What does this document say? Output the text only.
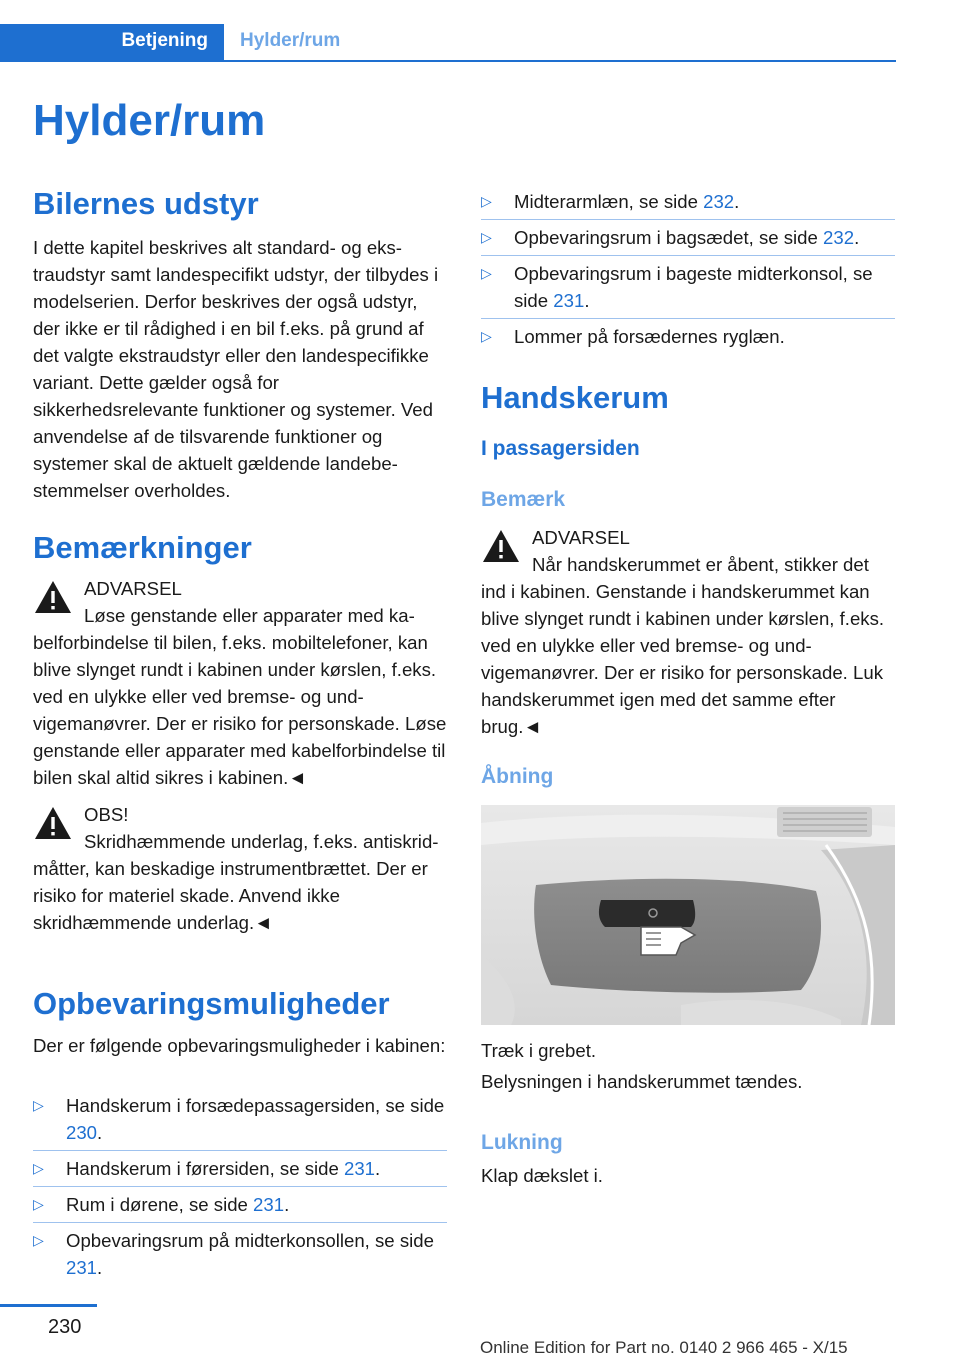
Betjening Hylder/rum
Hylder/rum
Bilernes udstyr

I dette kapitel beskrives alt standard- og ekstraudstyr samt landespecifikt udstyr, der tilbydes i modelserien. Derfor beskrives der også udstyr, der ikke er til rådighed i en bil f.eks. på grund af det valgte ekstraudstyr eller den landespecifikke variant. Dette gælder også for sikkerhedsrelevante funktioner og systemer. Ved anvendelse af de tilsvarende funktioner og systemer skal de aktuelt gældende landebestemmelser overholdes.

Bemærkninger
ADVARSEL
Løse genstande eller apparater med kabelforbindelse til bilen, f.eks. mobiltelefoner, kan blive slynget rundt i kabinen under kørslen, f.eks. ved en ulykke eller ved bremse- og undvigemanøvrer. Der er risiko for personskade. Løse genstande eller apparater med kabelforbindelse til bilen skal altid sikres i kabinen.◄
OBS!
Skridhæmmende underlag, f.eks. antiskrid-måtter, kan beskadige instrumentbrættet. Der er risiko for materiel skade. Anvend ikke skridhæmmende underlag.◄
Opbevaringsmuligheder

Der er følgende opbevaringsmuligheder i kabinen:

▷ Handskerum i forsædepassagersiden, se side 230.
▷ Handskerum i førersiden, se side 231.
▷ Rum i dørene, se side 231.
▷ Opbevaringsrum på midterkonsollen, se side 231.
▷ Midterarmlæn, se side 232.
▷ Opbevaringsrum i bagsædet, se side 232.
▷ Opbevaringsrum i bageste midterkonsol, se side 231.
▷ Lommer på forsædernes ryglæn.
Handskerum
I passagersiden
Bemærk
ADVARSEL
Når handskerummet er åbent, stikker det ind i kabinen. Genstande i handskerummet kan blive slynget rundt i kabinen under kørslen, f.eks. ved en ulykke eller ved bremse- og undvigemanøvrer. Der er risiko for personskade. Luk handskerummet igen med det samme efter brug.◄
Åbning

Træk i grebet.

Belysningen i handskerummet tændes.

Lukning

Klap dækslet i.

230
Online Edition for Part no. 0140 2 966 465 - X/15
